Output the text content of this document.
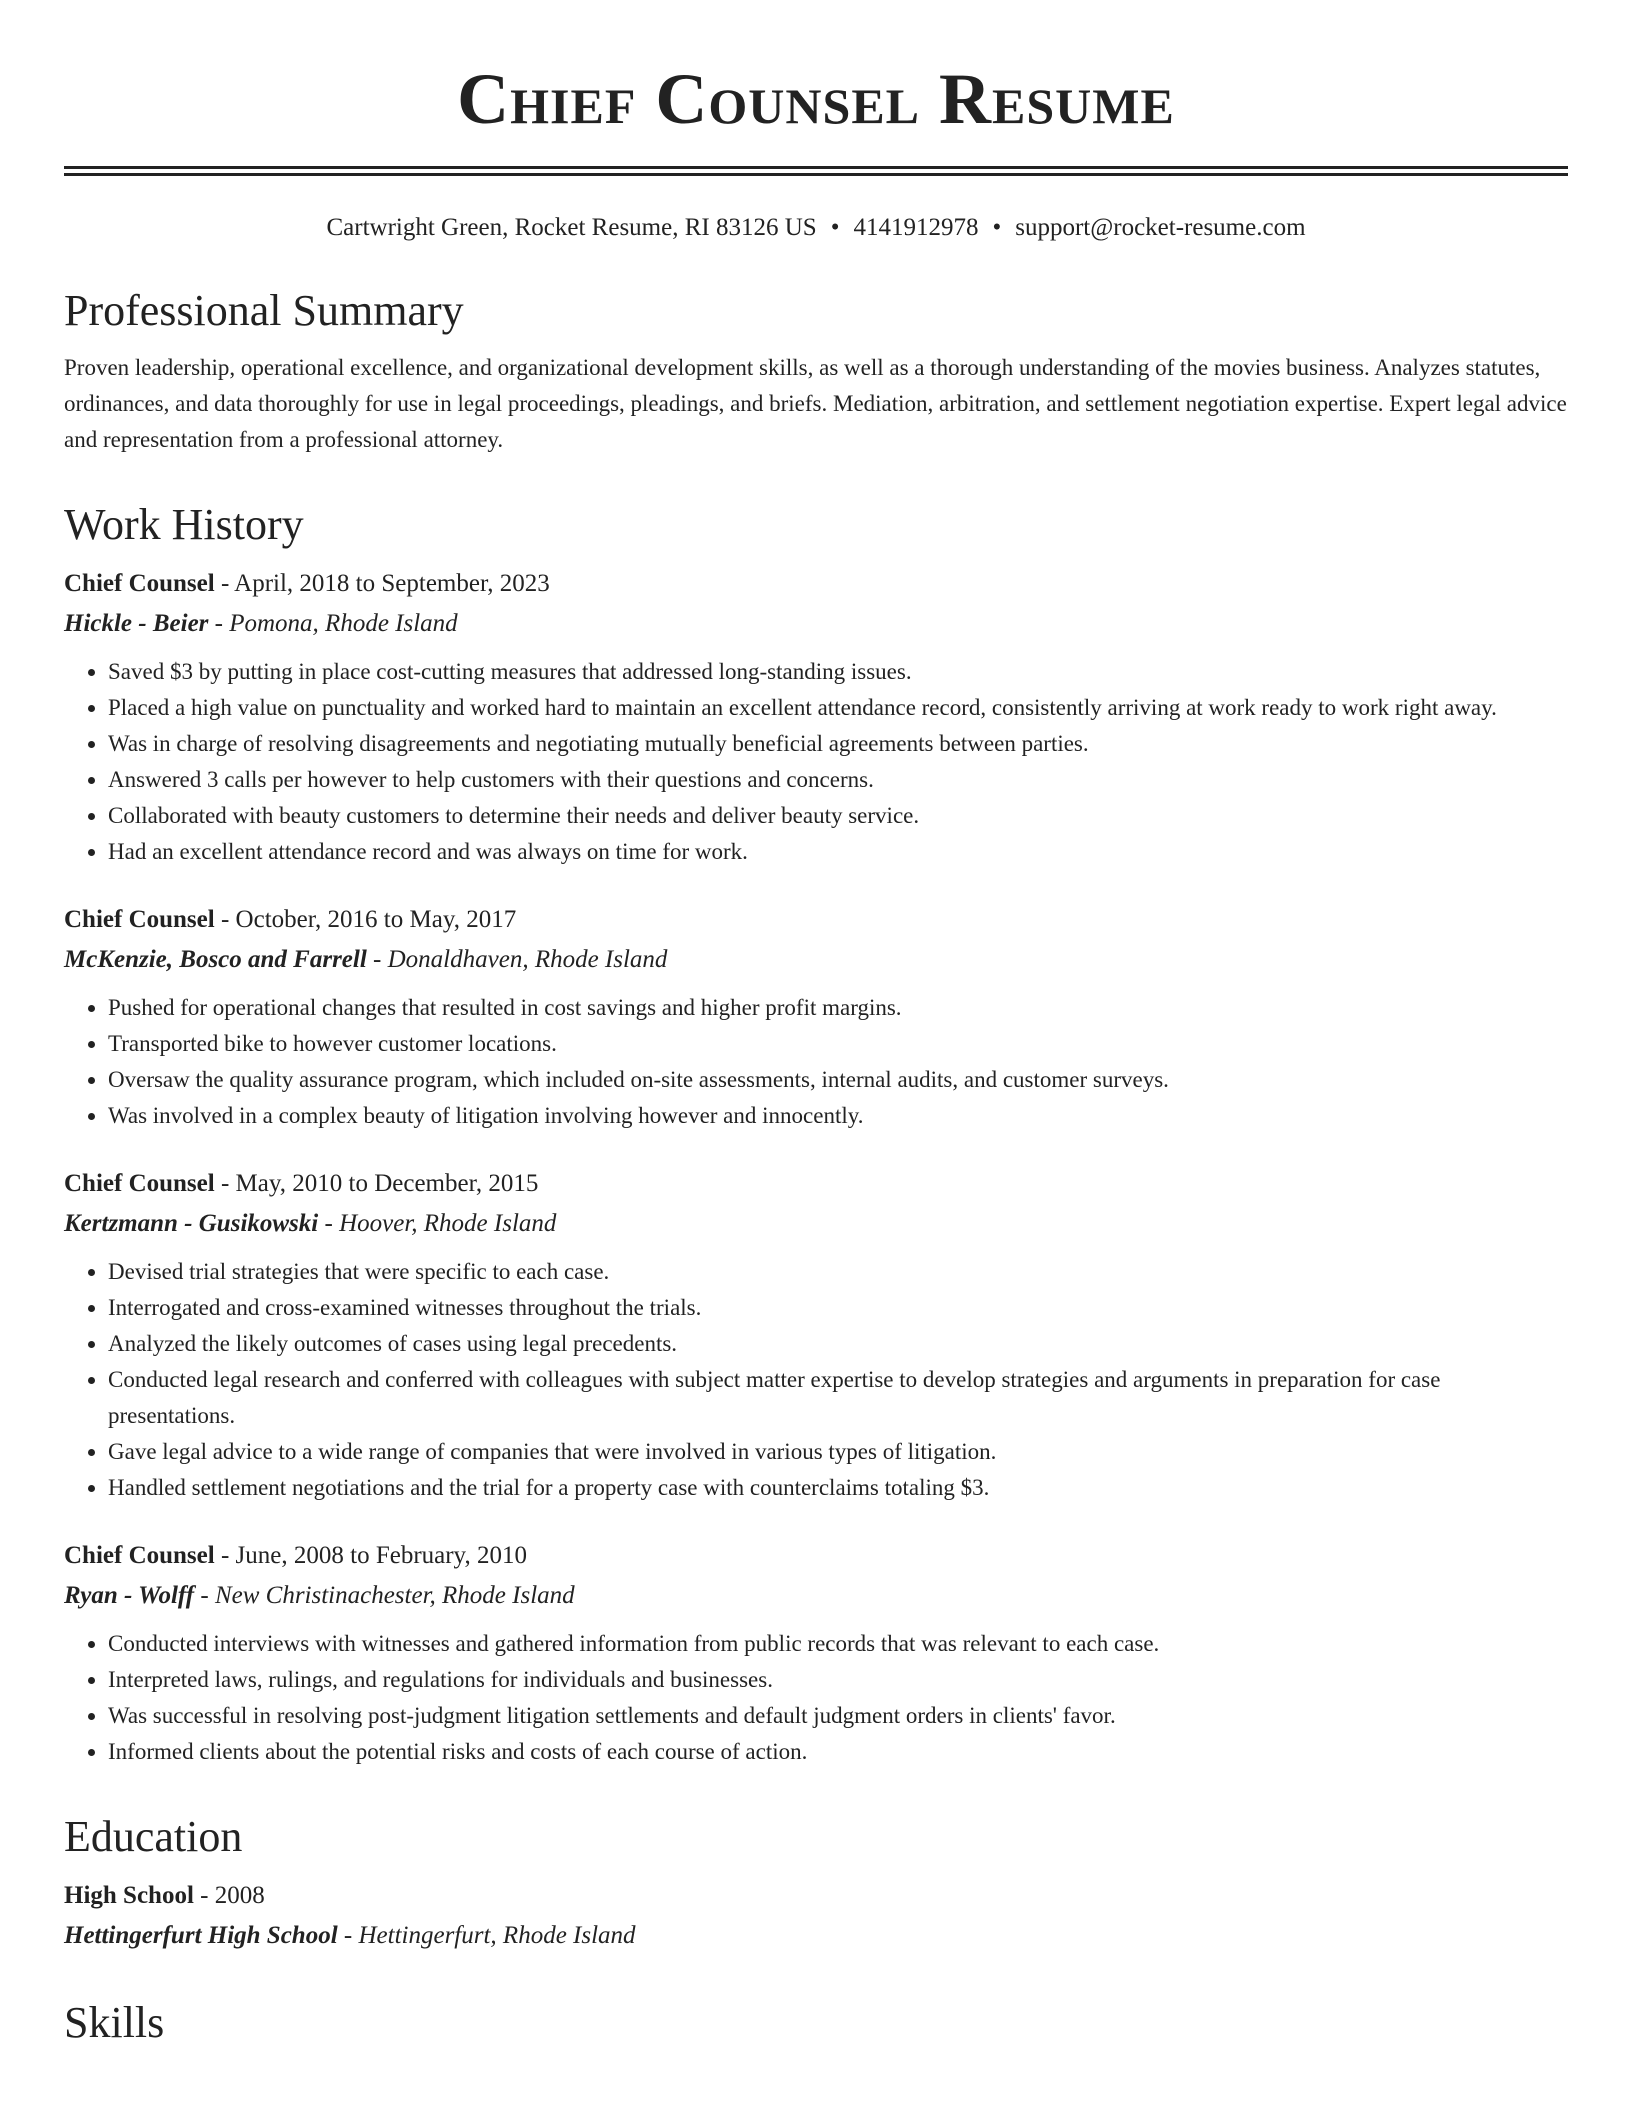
Chief Counsel Resume
Cartwright Green, Rocket Resume, RI 83126 US • 4141912978 • support@rocket-resume.com
Professional Summary

Proven leadership, operational excellence, and organizational development skills, as well as a thorough understanding of the movies business. Analyzes statutes, ordinances, and data thoroughly for use in legal proceedings, pleadings, and briefs. Mediation, arbitration, and settlement negotiation expertise. Expert legal advice and representation from a professional attorney.

Work History
Chief Counsel - April, 2018 to September, 2023
Hickle - Beier - Pomona, Rhode Island
• Saved $3 by putting in place cost-cutting measures that addressed long-standing issues.
• Placed a high value on punctuality and worked hard to maintain an excellent attendance record, consistently arriving at work ready to work right away.
• Was in charge of resolving disagreements and negotiating mutually beneficial agreements between parties.
• Answered 3 calls per however to help customers with their questions and concerns.
• Collaborated with beauty customers to determine their needs and deliver beauty service.
• Had an excellent attendance record and was always on time for work.
Chief Counsel - October, 2016 to May, 2017
McKenzie, Bosco and Farrell - Donaldhaven, Rhode Island
• Pushed for operational changes that resulted in cost savings and higher profit margins.
• Transported bike to however customer locations.
• Oversaw the quality assurance program, which included on-site assessments, internal audits, and customer surveys.
• Was involved in a complex beauty of litigation involving however and innocently.
Chief Counsel - May, 2010 to December, 2015
Kertzmann - Gusikowski - Hoover, Rhode Island
• Devised trial strategies that were specific to each case.
• Interrogated and cross-examined witnesses throughout the trials.
• Analyzed the likely outcomes of cases using legal precedents.
• Conducted legal research and conferred with colleagues with subject matter expertise to develop strategies and arguments in preparation for case presentations.
• Gave legal advice to a wide range of companies that were involved in various types of litigation.
• Handled settlement negotiations and the trial for a property case with counterclaims totaling $3.
Chief Counsel - June, 2008 to February, 2010
Ryan - Wolff - New Christinachester, Rhode Island
• Conducted interviews with witnesses and gathered information from public records that was relevant to each case.
• Interpreted laws, rulings, and regulations for individuals and businesses.
• Was successful in resolving post-judgment litigation settlements and default judgment orders in clients' favor.
• Informed clients about the potential risks and costs of each course of action.
Education
High School - 2008
Hettingerfurt High School - Hettingerfurt, Rhode Island
Skills
